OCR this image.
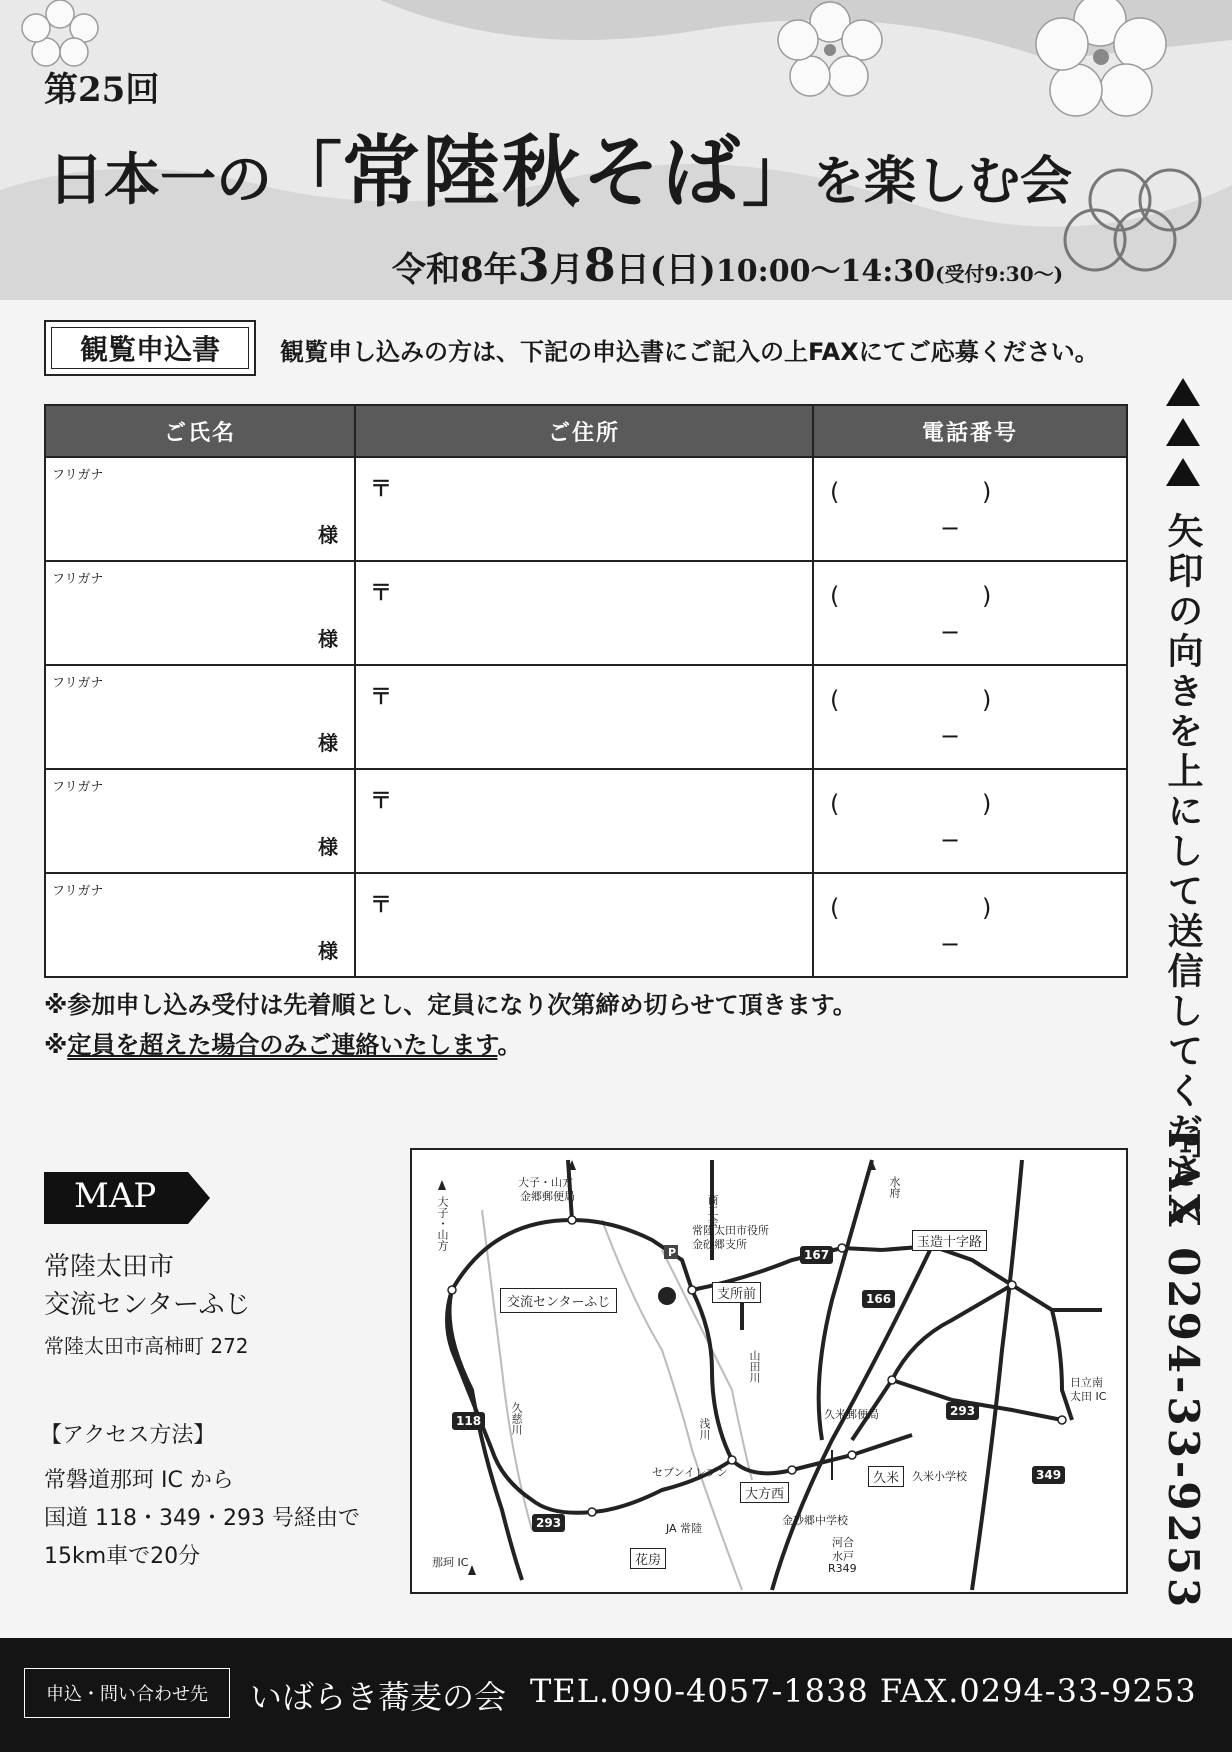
第25回
日本一の「常陸秋そば」を楽しむ会
令和8年3月8日(日)10:00〜14:30(受付9:30〜)
観覧申込書	観覧申し込みの方は、下記の申込書にご記入の上FAXにてご応募ください。
ご氏名	ご住所	電話番号

フリガナ
様	〒	( )
−

フリガナ
様	〒	( )
−

フリガナ
様	〒	( )
−

フリガナ
様	〒	( )
−

フリガナ
様	〒	( )
−
※参加申し込み受付は先着順とし、定員になり次第締め切らせて頂きます。
※定員を超えた場合のみご連絡いたします。	矢印の向きを上にして送信してください
FAX 0294-33-9253
MAP
常陸太田市
交流センターふじ
常陸太田市高柿町 272
【アクセス方法】
常磐道那珂 IC から
国道 118・349・293 号経由で
15km車で20分
交流センターふじ
大子・山方
大子・山方
金郷郵便局	商工会
常陸太田市役所
金砂郷支所
P
支所前
水府
玉造十字路
山田川
浅川
久慈川	久米郵便局
セブンイレブン
大方西
久米	久米小学校
日立南
太田 IC
JA 常陸
金砂郷中学校
河合
水戸
R349
那珂 IC	花房
118
167
166
293
293
349
申込・問い合わせ先	いばらき蕎麦の会 TEL.090-4057-1838 FAX.0294-33-9253
